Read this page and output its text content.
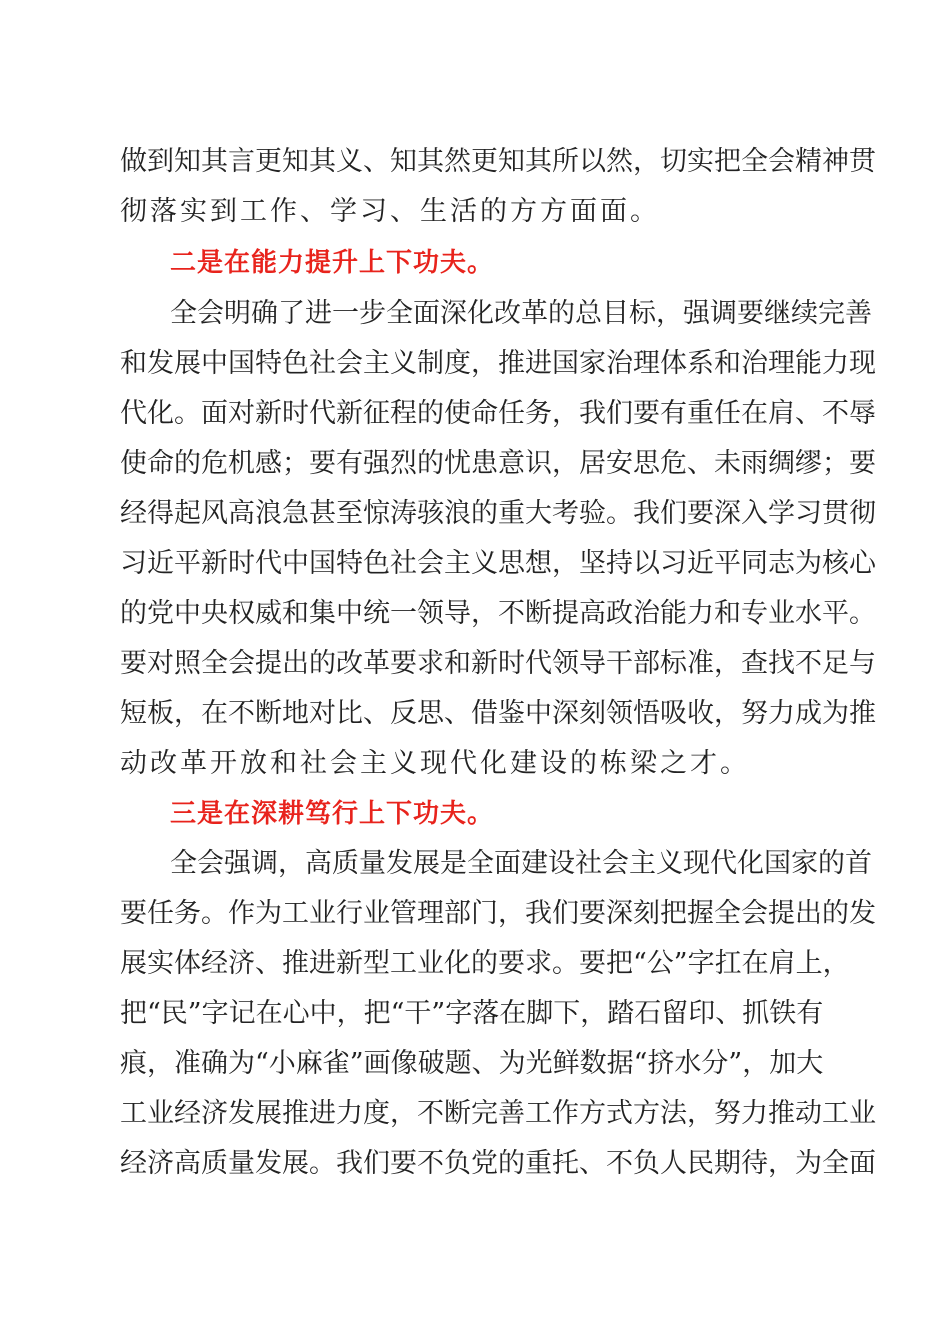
做到知其言更知其义、知其然更知其所以然，切实把全会精神贯
彻落实到工作、学习、生活的方方面面。
二是在能力提升上下功夫。
全会明确了进一步全面深化改革的总目标，强调要继续完善
和发展中国特色社会主义制度，推进国家治理体系和治理能力现
代化。面对新时代新征程的使命任务，我们要有重任在肩、不辱
使命的危机感；要有强烈的忧患意识，居安思危、未雨绸缪；要
经得起风高浪急甚至惊涛骇浪的重大考验。我们要深入学习贯彻
习近平新时代中国特色社会主义思想，坚持以习近平同志为核心
的党中央权威和集中统一领导，不断提高政治能力和专业水平。
要对照全会提出的改革要求和新时代领导干部标准，查找不足与
短板，在不断地对比、反思、借鉴中深刻领悟吸收，努力成为推
动改革开放和社会主义现代化建设的栋梁之才。
三是在深耕笃行上下功夫。
全会强调，高质量发展是全面建设社会主义现代化国家的首
要任务。作为工业行业管理部门，我们要深刻把握全会提出的发
展实体经济、推进新型工业化的要求。要把“公”字扛在肩上，
把“民”字记在心中，把“干”字落在脚下，踏石留印、抓铁有
痕，准确为“小麻雀”画像破题、为光鲜数据“挤水分”，加大
工业经济发展推进力度，不断完善工作方式方法，努力推动工业
经济高质量发展。我们要不负党的重托、不负人民期待，为全面
